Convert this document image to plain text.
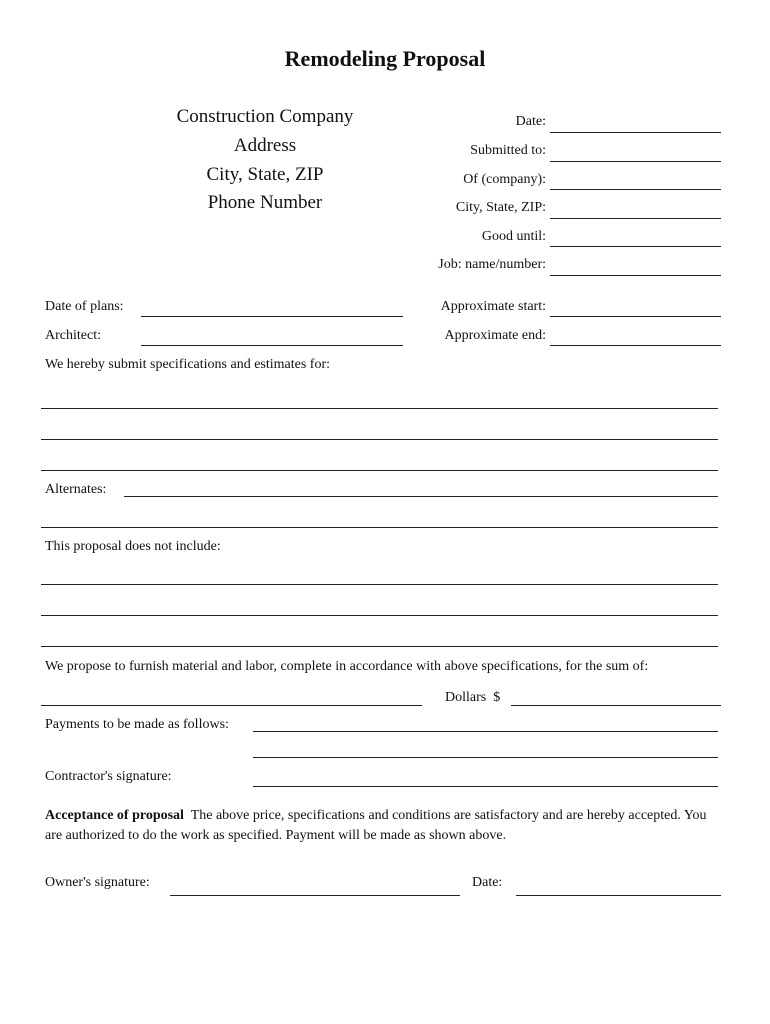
Remodeling Proposal
Construction Company
Address
City, State, ZIP
Phone Number
Date:
Submitted to:
Of (company):
City, State, ZIP:
Good until:
Job: name/number:
Date of plans:	Approximate start:
Architect:	Approximate end:
We hereby submit specifications and estimates for:
Alternates:
This proposal does not include:
We propose to furnish material and labor, complete in accordance with above specifications, for the sum of:
Dollars  $
Payments to be made as follows:
Contractor's signature:
Acceptance of proposal The above price, specifications and conditions are satisfactory and are hereby accepted. You are authorized to do the work as specified. Payment will be made as shown above.
Owner's signature:	Date:
